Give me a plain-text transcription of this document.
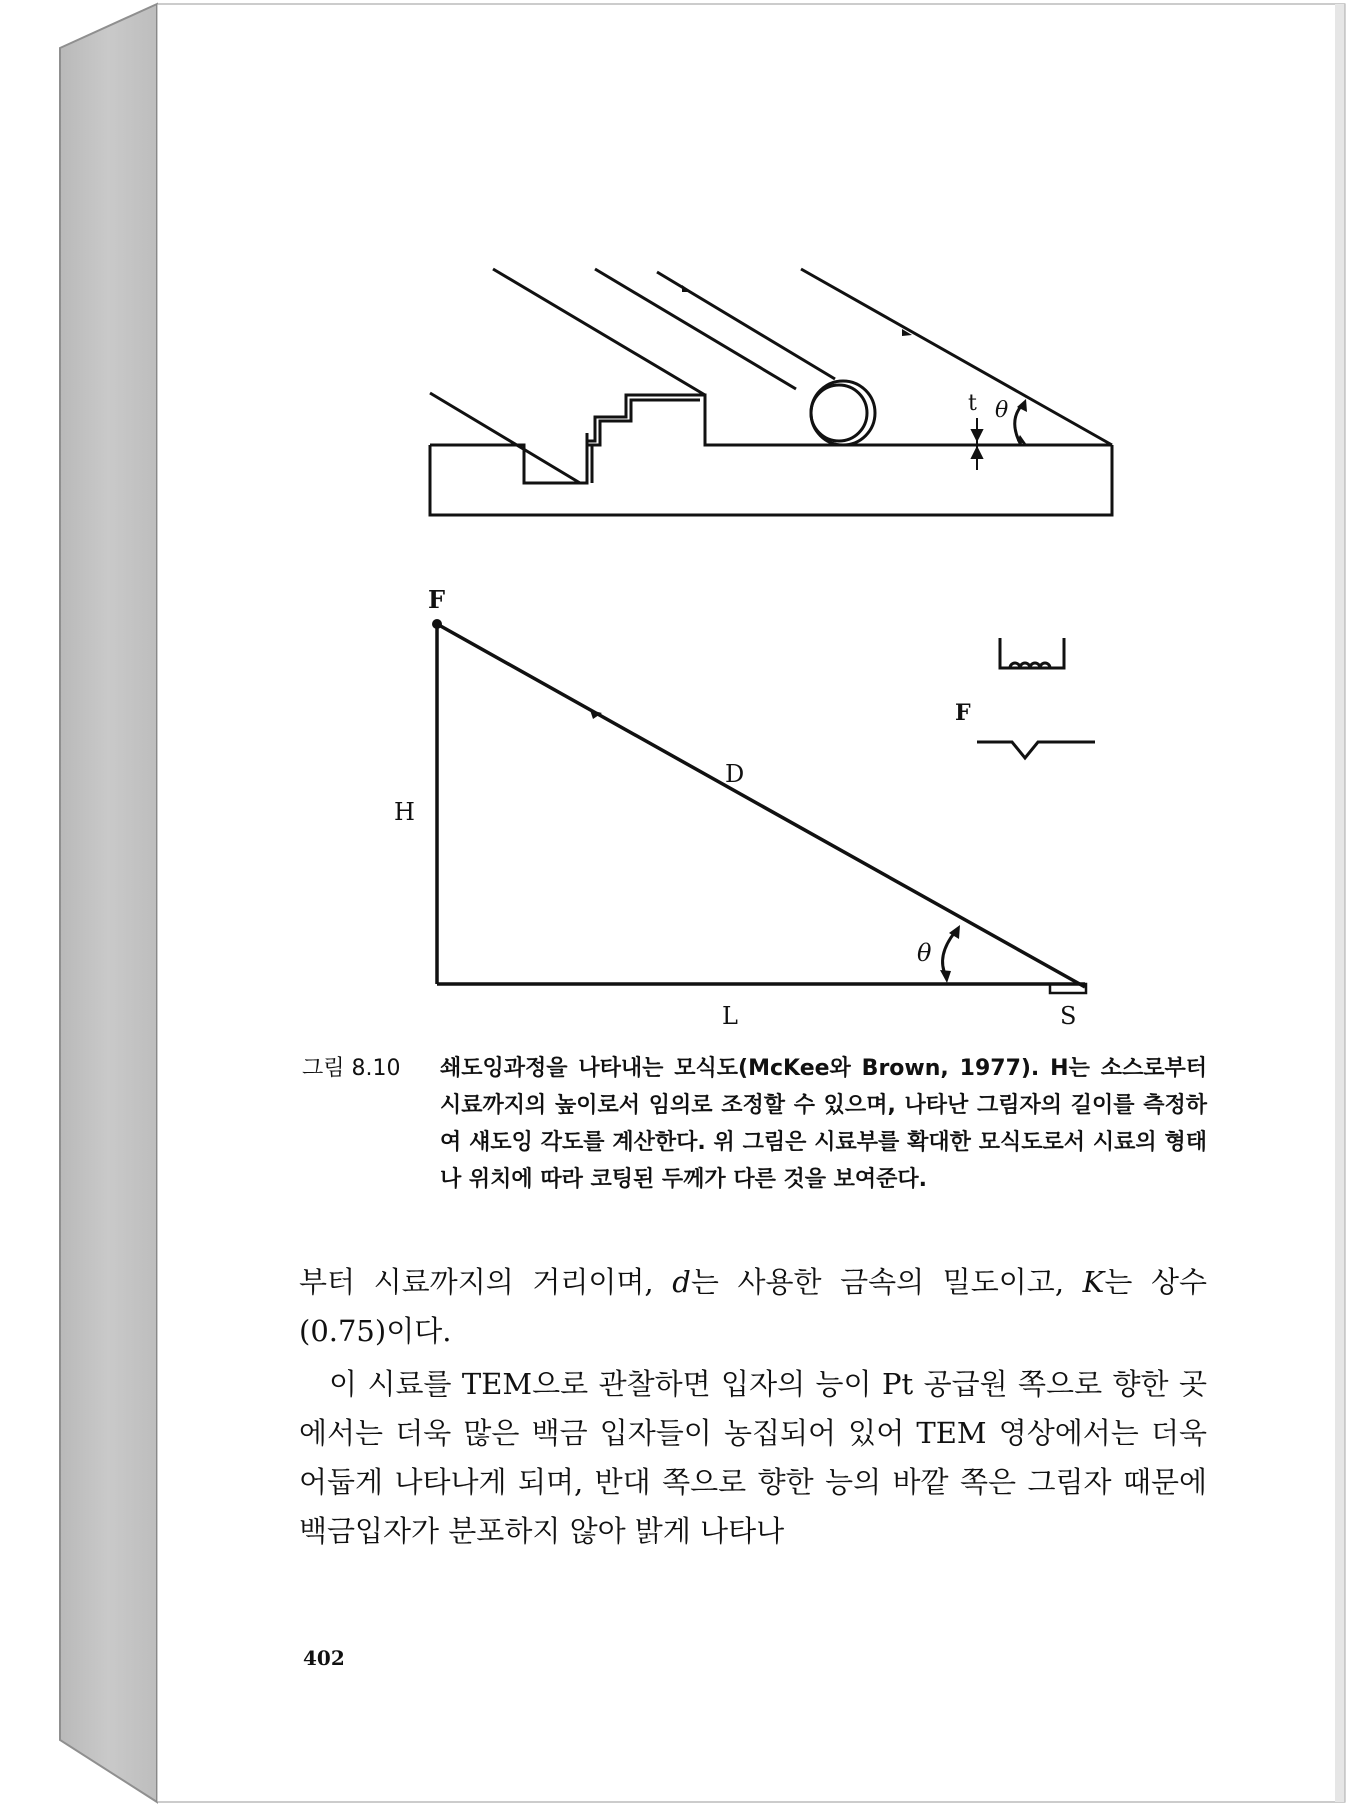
t θ
F
H
D
L	S
θ
F
그림 8.10	쇄도잉과정을 나타내는 모식도(McKee와 Brown, 1977). H는 소스로부터 시료까지의 높이로서 임의로 조정할 수 있으며, 나타난 그림자의 길이를 측정하여 섀도잉 각도를 계산한다. 위 그림은 시료부를 확대한 모식도로서 시료의 형태나 위치에 따라 코팅된 두께가 다른 것을 보여준다.

부터 시료까지의 거리이며, d는 사용한 금속의 밀도이고, K는 상수(0.75)이다.

이 시료를 TEM으로 관찰하면 입자의 능이 Pt 공급원 쪽으로 향한 곳에서는 더욱 많은 백금 입자들이 농집되어 있어 TEM 영상에서는 더욱 어둡게 나타나게 되며, 반대 쪽으로 향한 능의 바깥 쪽은 그림자 때문에 백금입자가 분포하지 않아 밝게 나타나

402
